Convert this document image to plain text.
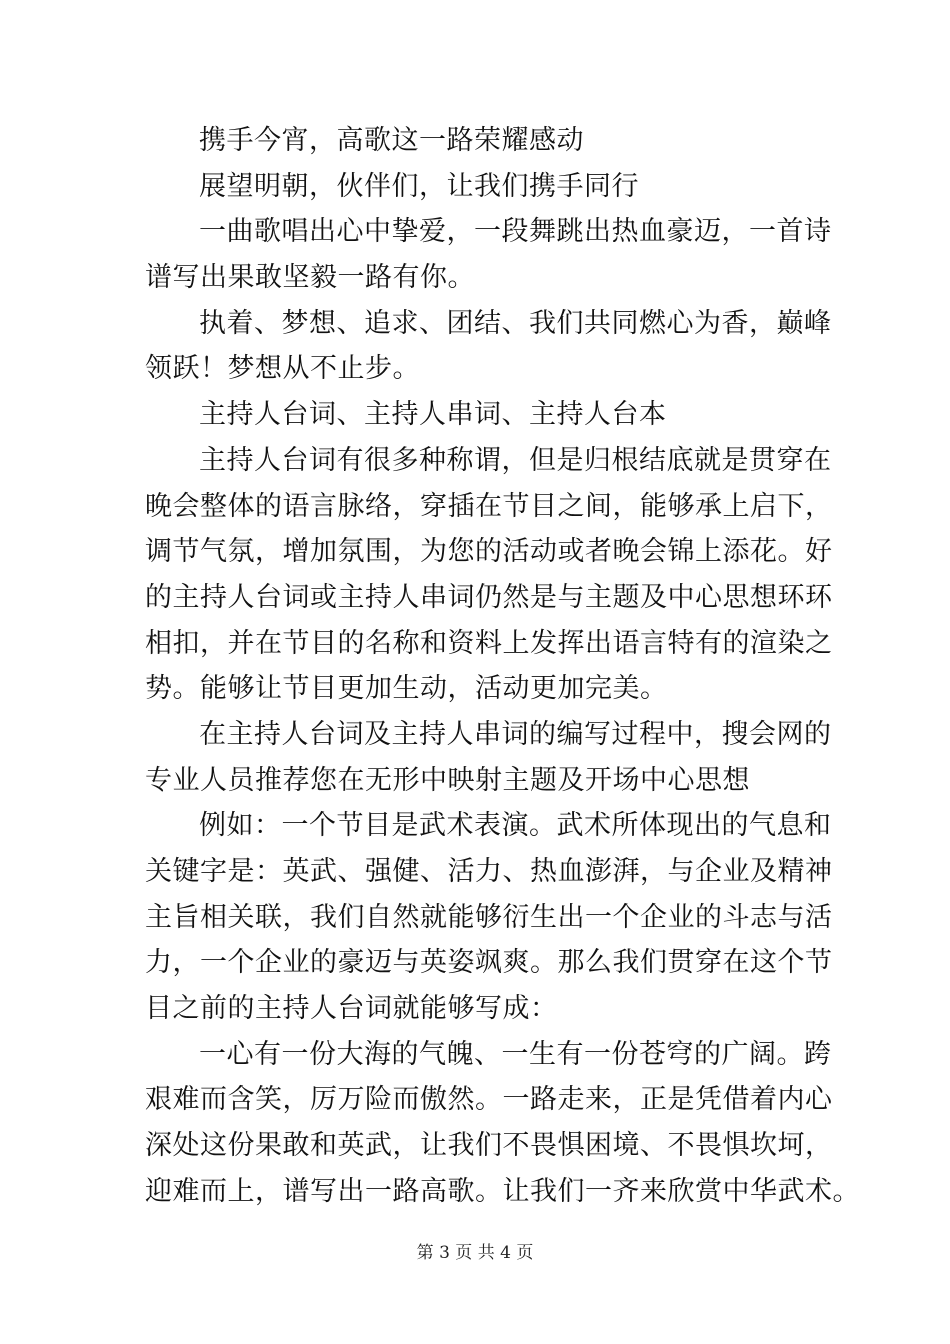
携手今宵，高歌这一路荣耀感动
展望明朝，伙伴们，让我们携手同行
一曲歌唱出心中挚爱，一段舞跳出热血豪迈，一首诗
谱写出果敢坚毅一路有你。
执着、梦想、追求、团结、我们共同燃心为香，巅峰
领跃！梦想从不止步。
主持人台词、主持人串词、主持人台本
主持人台词有很多种称谓，但是归根结底就是贯穿在
晚会整体的语言脉络，穿插在节目之间，能够承上启下，
调节气氛，增加氛围，为您的活动或者晚会锦上添花。好
的主持人台词或主持人串词仍然是与主题及中心思想环环
相扣，并在节目的名称和资料上发挥出语言特有的渲染之
势。能够让节目更加生动，活动更加完美。
在主持人台词及主持人串词的编写过程中，搜会网的
专业人员推荐您在无形中映射主题及开场中心思想
例如：一个节目是武术表演。武术所体现出的气息和
关键字是：英武、强健、活力、热血澎湃，与企业及精神
主旨相关联，我们自然就能够衍生出一个企业的斗志与活
力，一个企业的豪迈与英姿飒爽。那么我们贯穿在这个节
目之前的主持人台词就能够写成：
一心有一份大海的气魄、一生有一份苍穹的广阔。跨
艰难而含笑，厉万险而傲然。一路走来，正是凭借着内心
深处这份果敢和英武，让我们不畏惧困境、不畏惧坎坷，
迎难而上，谱写出一路高歌。让我们一齐来欣赏中华武术。
第 3 页 共 4 页
